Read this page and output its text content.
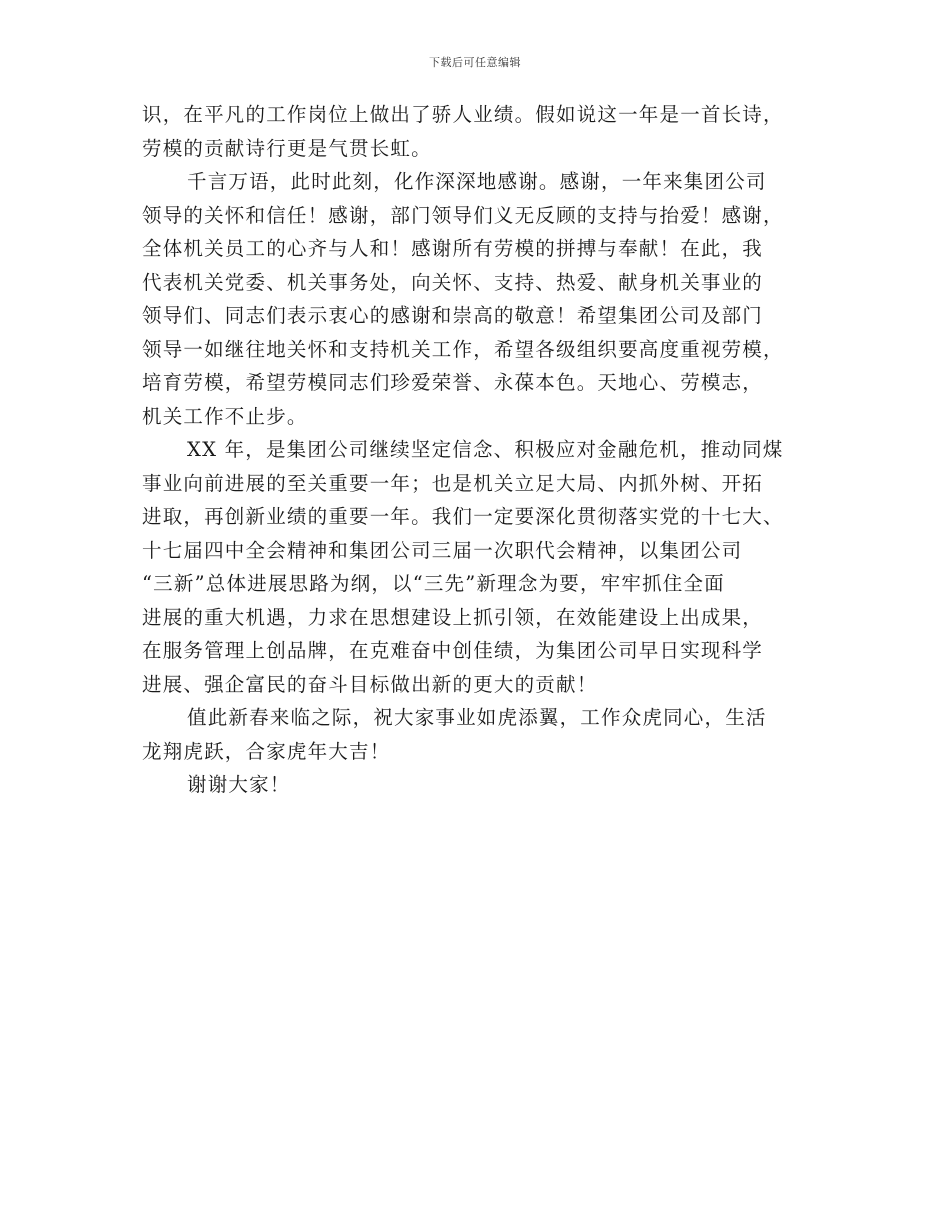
下载后可任意编辑
识，在平凡的工作岗位上做出了骄人业绩。假如说这一年是一首长诗，
劳模的贡献诗行更是气贯长虹。
千言万语，此时此刻，化作深深地感谢。感谢，一年来集团公司
领导的关怀和信任！感谢，部门领导们义无反顾的支持与抬爱！感谢，
全体机关员工的心齐与人和！感谢所有劳模的拼搏与奉献！在此，我
代表机关党委、机关事务处，向关怀、支持、热爱、献身机关事业的
领导们、同志们表示衷心的感谢和崇高的敬意！希望集团公司及部门
领导一如继往地关怀和支持机关工作，希望各级组织要高度重视劳模，
培育劳模，希望劳模同志们珍爱荣誉、永葆本色。天地心、劳模志，
机关工作不止步。
XX 年，是集团公司继续坚定信念、积极应对金融危机，推动同煤
事业向前进展的至关重要一年；也是机关立足大局、内抓外树、开拓
进取，再创新业绩的重要一年。我们一定要深化贯彻落实党的十七大、
十七届四中全会精神和集团公司三届一次职代会精神，以集团公司
“三新”总体进展思路为纲，以“三先”新理念为要，牢牢抓住全面
进展的重大机遇，力求在思想建设上抓引领，在效能建设上出成果，
在服务管理上创品牌，在克难奋中创佳绩，为集团公司早日实现科学
进展、强企富民的奋斗目标做出新的更大的贡献！
值此新春来临之际，祝大家事业如虎添翼，工作众虎同心，生活
龙翔虎跃，合家虎年大吉！
谢谢大家！
